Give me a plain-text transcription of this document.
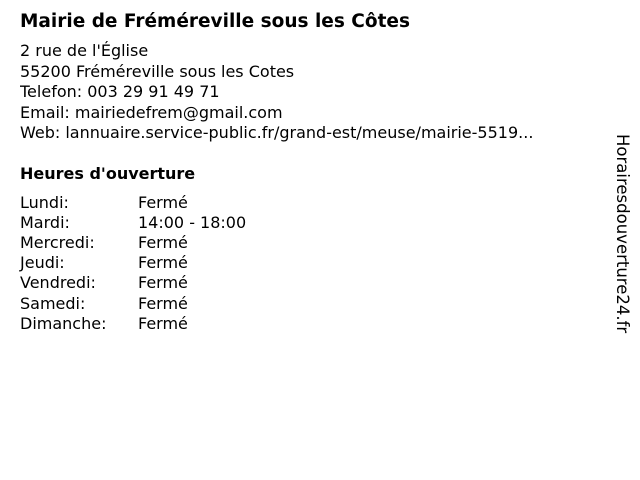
Mairie de Fréméreville sous les Côtes
2 rue de l'Église
55200 Fréméreville sous les Cotes
Telefon: 003 29 91 49 71
Email: mairiedefrem@gmail.com
Web: lannuaire.service-public.fr/grand-est/meuse/mairie-5519...
Heures d'ouverture
Lundi:	Fermé
Mardi:	14:00 - 18:00
Mercredi:	Fermé
Jeudi:	Fermé
Vendredi:	Fermé
Samedi:	Fermé
Dimanche:	Fermé	Horairesdouverture24.fr
